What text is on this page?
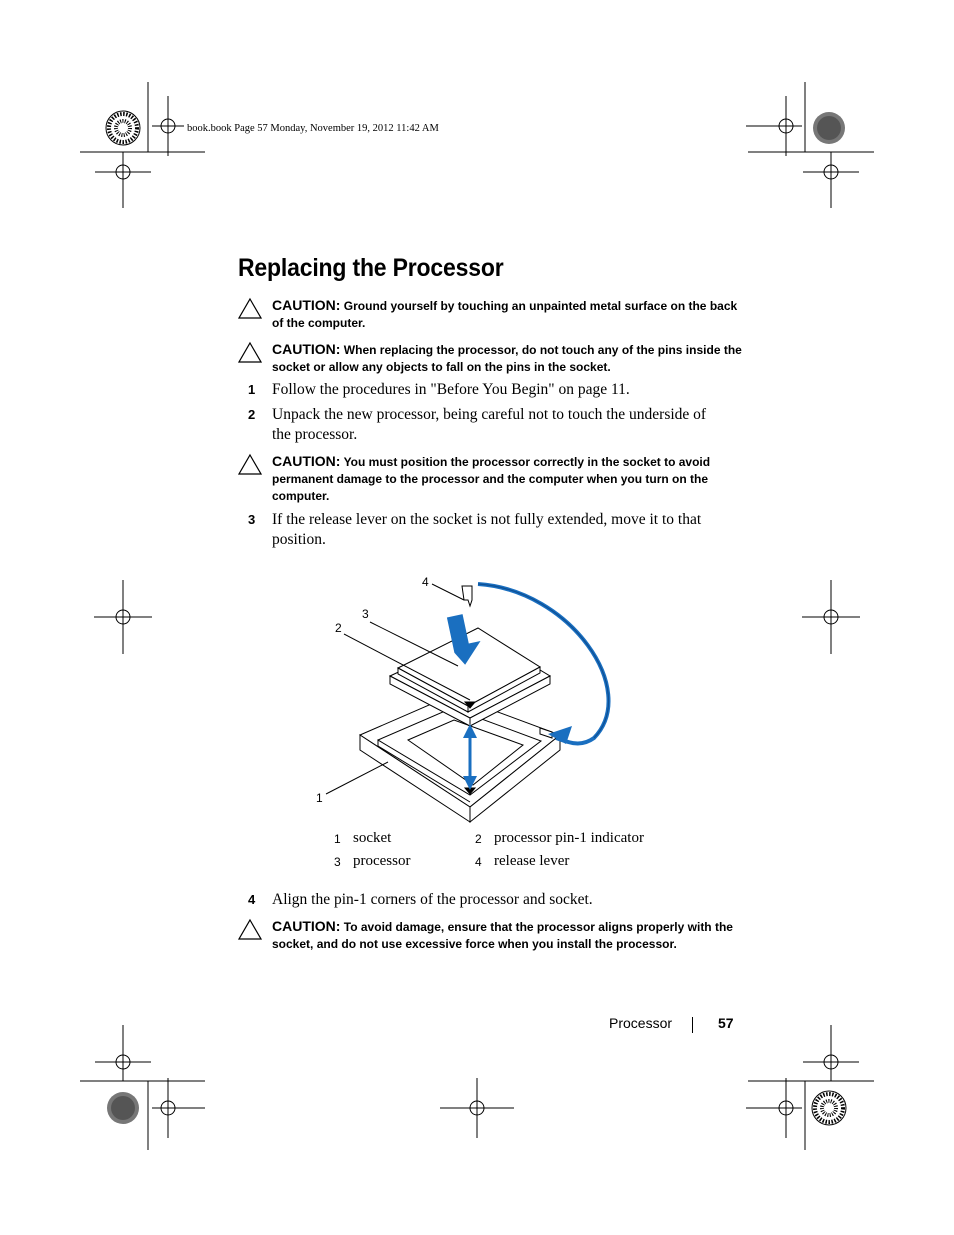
book.book Page 57 Monday, November 19, 2012 11:42 AM
Replacing the Processor
CAUTION: Ground yourself by touching an unpainted metal surface on the back of the computer.
CAUTION: When replacing the processor, do not touch any of the pins inside the socket or allow any objects to fall on the pins in the socket.
1 Follow the procedures in "Before You Begin" on page 11.
2 Unpack the new processor, being careful not to touch the underside of the processor.
CAUTION: You must position the processor correctly in the socket to avoid permanent damage to the processor and the computer when you turn on the computer.
3 If the release lever on the socket is not fully extended, move it to that position.
1
2
3
4
1 socket	2 processor pin-1 indicator
3 processor	4 release lever
4 Align the pin-1 corners of the processor and socket.
CAUTION: To avoid damage, ensure that the processor aligns properly with the socket, and do not use excessive force when you install the processor.
Processor	57
